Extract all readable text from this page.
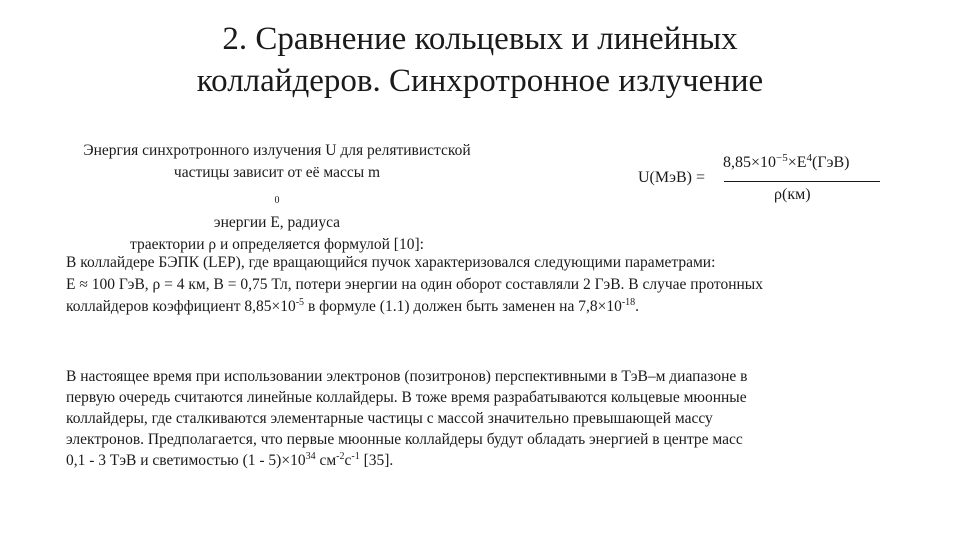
2. Сравнение кольцевых и линейных
коллайдеров. Синхротронное излучение

Энергия синхротронного излучения U для релятивистской
частицы зависит от её массы m
$_0$
энергии E, радиуса
траектории ρ и определяется формулой [10]:

U(МэВ) =
$8,85\times 10^{-5}\times E^4(ГэВ)$
ρ(км)

В коллайдере БЭПК (LEP), где вращающийся пучок характеризовался следующими параметрами:
E ≈ 100 ГэВ, ρ = 4 км, B = 0,75 Тл, потери энергии на один оборот составляли 2 ГэВ. В случае протонных
коллайдеров коэффициент $8,85\times 10^{-5}$ в формуле (1.1) должен быть заменен на $7,8\times 10^{-18}$.

В настоящее время при использовании электронов (позитронов) перспективными в ТэВ–м диапазоне в
первую очередь считаются линейные коллайдеры. В тоже время разрабатываются кольцевые мюонные
коллайдеры, где сталкиваются элементарные частицы с массой значительно превышающей массу
электронов. Предполагается, что первые мюонные коллайдеры будут обладать энергией в центре масс
0,1 - 3 ТэВ и светимостью $(1 - 5)\times 10^{34}$ $см^{-2}c^{-1}$ [35].
